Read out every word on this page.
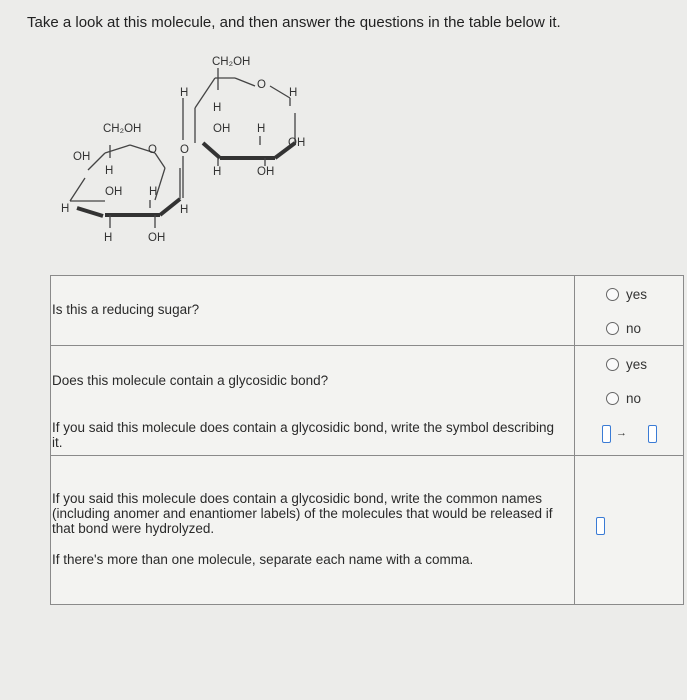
Take a look at this molecule, and then answer the questions in the table below it.
CH₂OH
OH
O
H
OH H
H
H	OH
H
O
H
CH₂OH
O
H
H
OH H
OH
H	OH
Is this a reducing sugar?
yes
no
Does this molecule contain a glycosidic bond?
If you said this molecule does contain a glycosidic bond, write the symbol describing it.
yes
no
→
If you said this molecule does contain a glycosidic bond, write the common names (including anomer and enantiomer labels) of the molecules that would be released if that bond were hydrolyzed.
If there's more than one molecule, separate each name with a comma.
